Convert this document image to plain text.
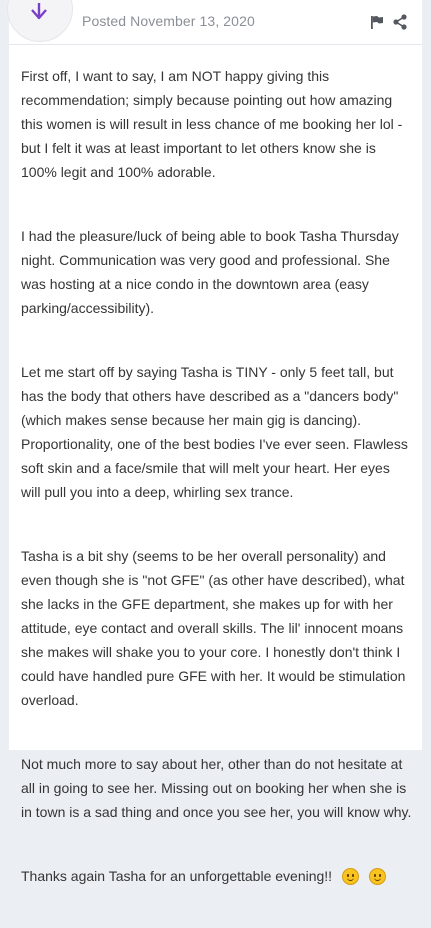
Posted November 13, 2020

First off, I want to say, I am NOT happy giving this recommendation; simply because pointing out how amazing this women is will result in less chance of me booking her lol - but I felt it was at least important to let others know she is 100% legit and 100% adorable.

I had the pleasure/luck of being able to book Tasha Thursday night. Communication was very good and professional. She was hosting at a nice condo in the downtown area (easy parking/accessibility).

Let me start off by saying Tasha is TINY - only 5 feet tall, but has the body that others have described as a "dancers body" (which makes sense because her main gig is dancing). Proportionality, one of the best bodies I've ever seen. Flawless soft skin and a face/smile that will melt your heart. Her eyes will pull you into a deep, whirling sex trance.

Tasha is a bit shy (seems to be her overall personality) and even though she is "not GFE" (as other have described), what she lacks in the GFE department, she makes up for with her attitude, eye contact and overall skills. The lil' innocent moans she makes will shake you to your core. I honestly don't think I could have handled pure GFE with her. It would be stimulation overload.

Not much more to say about her, other than do not hesitate at all in going to see her. Missing out on booking her when she is in town is a sad thing and once you see her, you will know why.

Thanks again Tasha for an unforgettable evening!!
